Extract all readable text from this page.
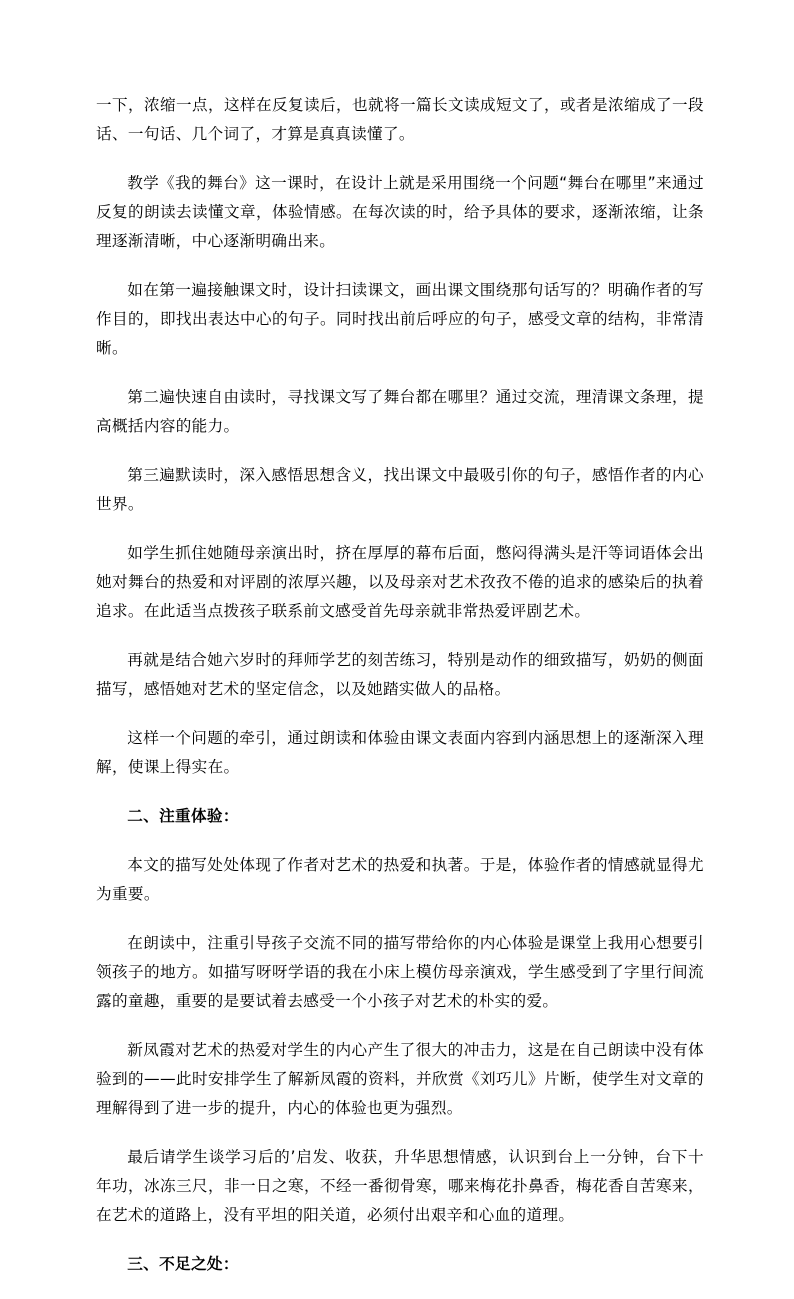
一下，浓缩一点，这样在反复读后，也就将一篇长文读成短文了，或者是浓缩成了一段话、一句话、几个词了，才算是真真读懂了。

教学《我的舞台》这一课时，在设计上就是采用围绕一个问题“舞台在哪里”来通过反复的朗读去读懂文章，体验情感。在每次读的时，给予具体的要求，逐渐浓缩，让条理逐渐清晰，中心逐渐明确出来。

如在第一遍接触课文时，设计扫读课文，画出课文围绕那句话写的？明确作者的写作目的，即找出表达中心的句子。同时找出前后呼应的句子，感受文章的结构，非常清晰。

第二遍快速自由读时，寻找课文写了舞台都在哪里？通过交流，理清课文条理，提高概括内容的能力。

第三遍默读时，深入感悟思想含义，找出课文中最吸引你的句子，感悟作者的内心世界。

如学生抓住她随母亲演出时，挤在厚厚的幕布后面，憋闷得满头是汗等词语体会出她对舞台的热爱和对评剧的浓厚兴趣，以及母亲对艺术孜孜不倦的追求的感染后的执着追求。在此适当点拨孩子联系前文感受首先母亲就非常热爱评剧艺术。

再就是结合她六岁时的拜师学艺的刻苦练习，特别是动作的细致描写，奶奶的侧面描写，感悟她对艺术的坚定信念，以及她踏实做人的品格。

这样一个问题的牵引，通过朗读和体验由课文表面内容到内涵思想上的逐渐深入理解，使课上得实在。

二、注重体验：

本文的描写处处体现了作者对艺术的热爱和执著。于是，体验作者的情感就显得尤为重要。

在朗读中，注重引导孩子交流不同的描写带给你的内心体验是课堂上我用心想要引领孩子的地方。如描写呀呀学语的我在小床上模仿母亲演戏，学生感受到了字里行间流露的童趣，重要的是要试着去感受一个小孩子对艺术的朴实的爱。

新凤霞对艺术的热爱对学生的内心产生了很大的冲击力，这是在自己朗读中没有体验到的——此时安排学生了解新凤霞的资料，并欣赏《刘巧儿》片断，使学生对文章的理解得到了进一步的提升，内心的体验也更为强烈。

最后请学生谈学习后的’启发、收获，升华思想情感，认识到台上一分钟，台下十年功，冰冻三尺，非一日之寒，不经一番彻骨寒，哪来梅花扑鼻香，梅花香自苦寒来，在艺术的道路上，没有平坦的阳关道，必须付出艰辛和心血的道理。

三、不足之处：
